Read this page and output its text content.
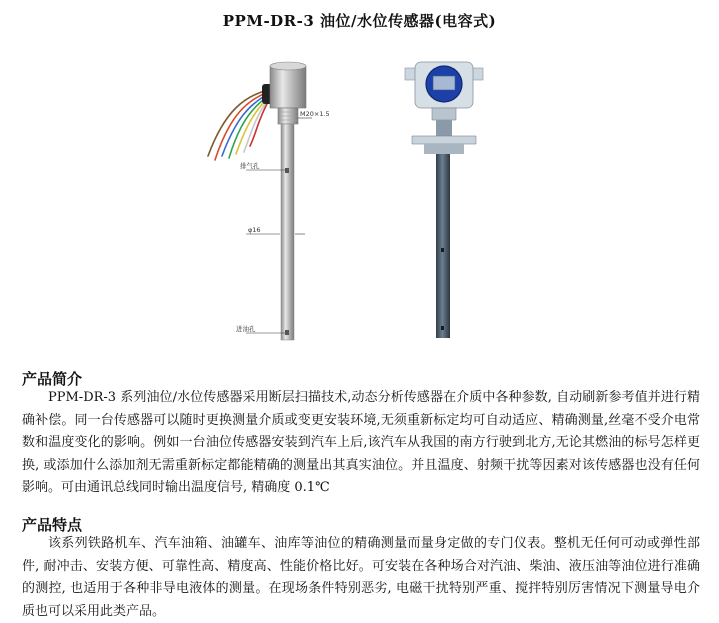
PPM-DR-3 油位/水位传感器(电容式)
M20×1.5
排气孔
φ16
进油孔
产品简介
PPM-DR-3 系列油位/水位传感器采用断层扫描技术,动态分析传感器在介质中各种参数, 自动刷新参考值并进行精确补偿。同一台传感器可以随时更换测量介质或变更安装环境,无须重新标定均可自动适应、精确测量,丝毫不受介电常数和温度变化的影响。例如一台油位传感器安装到汽车上后,该汽车从我国的南方行驶到北方,无论其燃油的标号怎样更换, 或添加什么添加剂无需重新标定都能精确的测量出其真实油位。并且温度、射频干扰等因素对该传感器也没有任何影响。可由通讯总线同时输出温度信号, 精确度 0.1℃
产品特点
该系列铁路机车、汽车油箱、油罐车、油库等油位的精确测量而量身定做的专门仪表。整机无任何可动或弹性部件, 耐冲击、安装方便、可靠性高、精度高、性能价格比好。可安装在各种场合对汽油、柴油、液压油等油位进行准确的测控, 也适用于各种非导电液体的测量。在现场条件特别恶劣, 电磁干扰特别严重、搅拌特别厉害情况下测量导电介质也可以采用此类产品。
